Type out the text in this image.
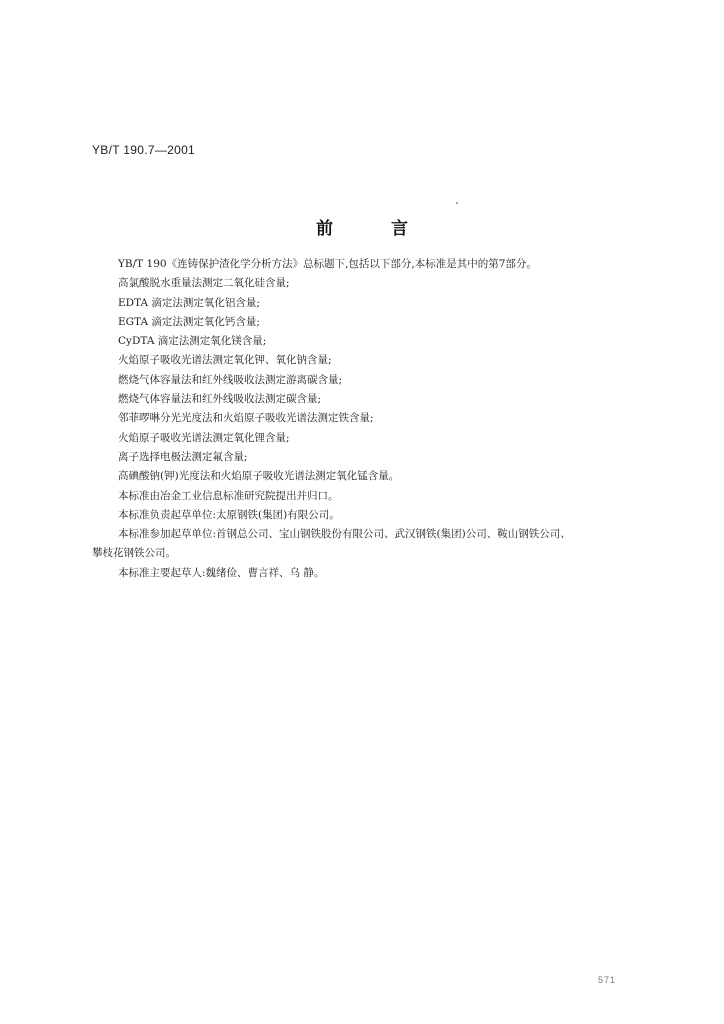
YB/T 190.7—2001
前言
YB/T 190《连铸保护渣化学分析方法》总标题下,包括以下部分,本标准是其中的第7部分。
高氯酸脱水重量法测定二氧化硅含量;
EDTA 滴定法测定氧化铝含量;
EGTA 滴定法测定氧化钙含量;
CyDTA 滴定法测定氧化镁含量;
火焰原子吸收光谱法测定氧化钾、氧化钠含量;
燃烧气体容量法和红外线吸收法测定游离碳含量;
燃烧气体容量法和红外线吸收法测定碳含量;
邻菲啰啉分光光度法和火焰原子吸收光谱法测定铁含量;
火焰原子吸收光谱法测定氧化锂含量;
离子选择电极法测定氟含量;
高碘酸钠(钾)光度法和火焰原子吸收光谱法测定氧化锰含量。
本标准由冶金工业信息标准研究院提出并归口。
本标准负责起草单位:太原钢铁(集团)有限公司。
本标准参加起草单位:首钢总公司、宝山钢铁股份有限公司、武汉钢铁(集团)公司、鞍山钢铁公司、
攀枝花钢铁公司。
本标准主要起草人:魏绪俭、曹言祥、乌 静。
571
